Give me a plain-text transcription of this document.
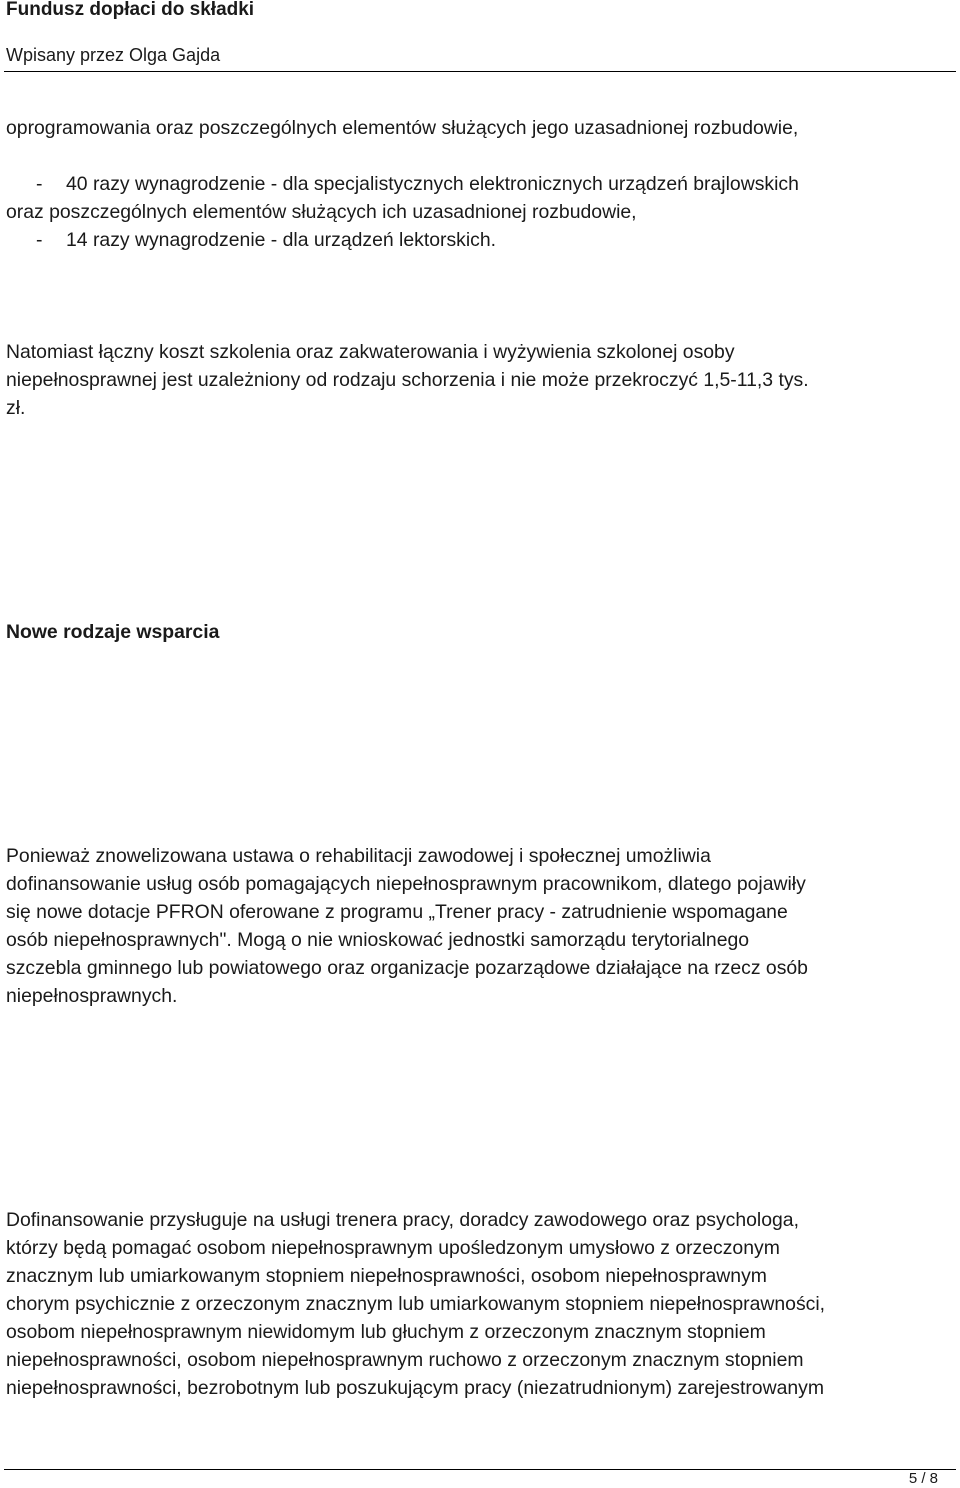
Fundusz dopłaci do składki
Wpisany przez Olga Gajda
oprogramowania oraz poszczególnych elementów służących jego uzasadnionej rozbudowie,
- 40 razy wynagrodzenie - dla specjalistycznych elektronicznych urządzeń brajlowskich
oraz poszczególnych elementów służących ich uzasadnionej rozbudowie,
- 14 razy wynagrodzenie - dla urządzeń lektorskich.
Natomiast łączny koszt szkolenia oraz zakwaterowania i wyżywienia szkolonej osoby
niepełnosprawnej jest uzależniony od rodzaju schorzenia i nie może przekroczyć 1,5-11,3 tys.
zł.
Nowe rodzaje wsparcia
Ponieważ znowelizowana ustawa o rehabilitacji zawodowej i społecznej umożliwia
dofinansowanie usług osób pomagających niepełnosprawnym pracownikom, dlatego pojawiły
się nowe dotacje PFRON oferowane z programu „Trener pracy - zatrudnienie wspomagane
osób niepełnosprawnych". Mogą o nie wnioskować jednostki samorządu terytorialnego
szczebla gminnego lub powiatowego oraz organizacje pozarządowe działające na rzecz osób
niepełnosprawnych.
Dofinansowanie przysługuje na usługi trenera pracy, doradcy zawodowego oraz psychologa,
którzy będą pomagać osobom niepełnosprawnym upośledzonym umysłowo z orzeczonym
znacznym lub umiarkowanym stopniem niepełnosprawności, osobom niepełnosprawnym
chorym psychicznie z orzeczonym znacznym lub umiarkowanym stopniem niepełnosprawności,
osobom niepełnosprawnym niewidomym lub głuchym z orzeczonym znacznym stopniem
niepełnosprawności, osobom niepełnosprawnym ruchowo z orzeczonym znacznym stopniem
niepełnosprawności, bezrobotnym lub poszukującym pracy (niezatrudnionym) zarejestrowanym
5 / 8
